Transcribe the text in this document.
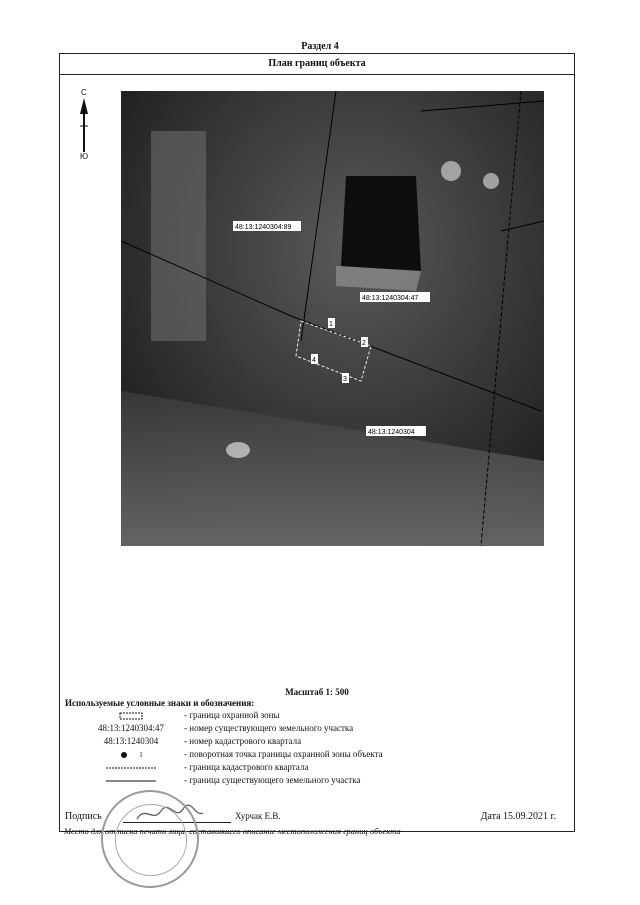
Раздел 4
План границ объекта
С
Ю
48:13:1240304:89
48:13:1240304:47
48:13:1240304
1
2
3
4
Масштаб 1: 500
Используемые условные знаки и обозначения:
- граница охранной зоны
48:13:1240304:47	- номер существующего земельного участка
48:13:1240304	- номер кадастрового квартала
1	- поворотная точка границы охранной зоны объекта
- граница кадастрового квартала
- граница существующего земельного участка
Подпись	Хурчак Е.В.	Дата 15.09.2021 г.
Место для оттиска печати лица, составившего описание местоположения границ объекта
